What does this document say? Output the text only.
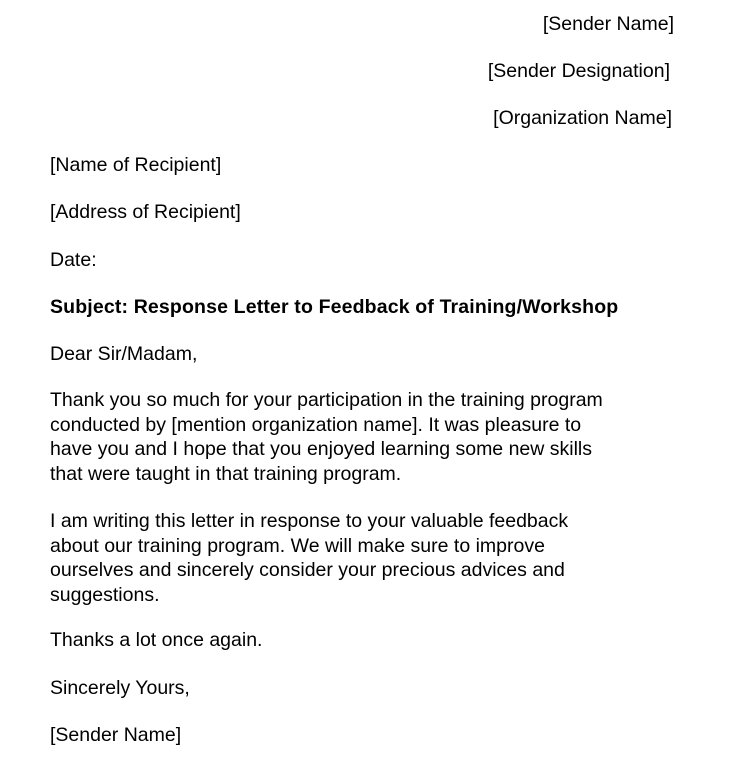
[Sender Name]
[Sender Designation]
[Organization Name]
[Name of Recipient]
[Address of Recipient]
Date:
Subject: Response Letter to Feedback of Training/Workshop
Dear Sir/Madam,
Thank you so much for your participation in the training program
conducted by [mention organization name]. It was pleasure to
have you and I hope that you enjoyed learning some new skills
that were taught in that training program.
I am writing this letter in response to your valuable feedback
about our training program. We will make sure to improve
ourselves and sincerely consider your precious advices and
suggestions.
Thanks a lot once again.
Sincerely Yours,
[Sender Name]
